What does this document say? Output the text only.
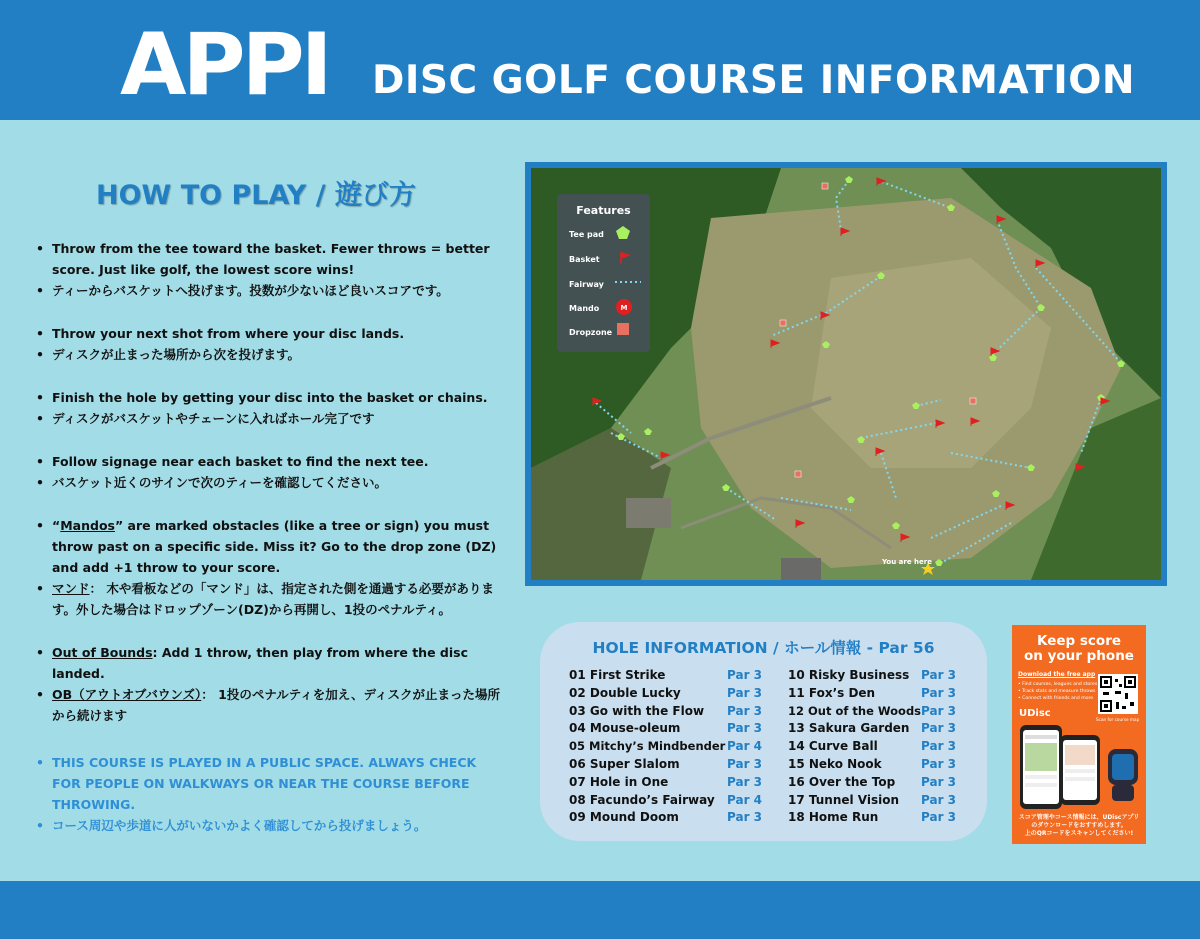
APPI DISC GOLF COURSE INFORMATION
HOW TO PLAY / 遊び方
• Throw from the tee toward the basket. Fewer throws = better score. Just like golf, the lowest score wins!
• ティーからバスケットへ投げます。投数が少ないほど良いスコアです。
• Throw your next shot from where your disc lands.
• ディスクが止まった場所から次を投げます。
• Finish the hole by getting your disc into the basket or chains.
• ディスクがバスケットやチェーンに入ればホール完了です
• Follow signage near each basket to find the next tee.
• バスケット近くのサインで次のティーを確認してください。
• “Mandos” are marked obstacles (like a tree or sign) you must throw past on a specific side. Miss it? Go to the drop zone (DZ) and add +1 throw to your score.
• マンド： 木や看板などの「マンド」は、指定された側を通過する必要があります。外した場合はドロップゾーン(DZ)から再開し、1投のペナルティ。
• Out of Bounds: Add 1 throw, then play from where the disc landed.
• OB（アウトオブバウンズ）： 1投のペナルティを加え、ディスクが止まった場所から続けます
• THIS COURSE IS PLAYED IN A PUBLIC SPACE. ALWAYS CHECK FOR PEOPLE ON WALKWAYS OR NEAR THE COURSE BEFORE THROWING.
• コース周辺や歩道に人がいないかよく確認してから投げましょう。
You are here
Features
Tee pad
Basket
Fairway
Mando
Dropzone
M
HOLE INFORMATION / ホール情報 - Par 56
01 First Strike	Par 3
02 Double Lucky	Par 3
03 Go with the Flow Par 3
04 Mouse-oleum	Par 3
05 Mitchy’s Mindbender Par 4
06 Super Slalom	Par 3
07 Hole in One	Par 3
08 Facundo’s Fairway Par 4
09 Mound Doom	Par 3
10 Risky Business Par 3
11 Fox’s Den	Par 3
12 Out of the Woods Par 3
13 Sakura Garden Par 3
14 Curve Ball	Par 3
15 Neko Nook	Par 3
16 Over the Top Par 3
17 Tunnel Vision Par 3
18 Home Run	Par 3
Keep score
on your phone
Download the free app
• Find courses, leagues and stores
• Track stats and measure throws
• Connect with friends and more
UDisc
Scan for course map
スコア管理やコース情報には、UDiscアプリ
のダウンロードをおすすめします。
上のQRコードをスキャンしてください!
